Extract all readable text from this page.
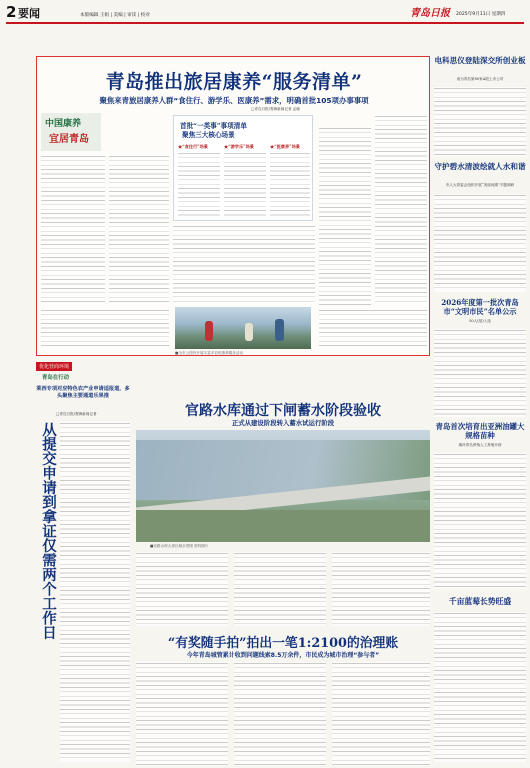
2 要闻	本版编辑 王娟 | 美编 | 审读 | 校对	青岛日报 2025年9月11日 星期四
青岛推出旅居康养“服务清单”
聚焦来青旅居康养人群“食住行、游学乐、医康养”需求，明确首批105项办事事项
中国康养
宜居青岛
首批“一类事”事项清单
聚焦三大核心场景
★“食住行”场景	★“游学乐”场景	★“医康养”场景
□青岛日报/观海新闻记者 孟晓
■全市公园内开展丰富多彩的康养服务活动
电科思仪登陆深交所创业板
成为青岛第80家A股上市公司
守护碧水清波绘就人水和谐
市人大常委会组织开展“美丽河湖”专题调研
2026年度第一批次青岛市“文明市民”名单公示
50人(组)入选
青岛首次培育出亚洲油罐大规格苗种
填补青岛养殖人工养殖开辟
千亩蓝莓长势旺盛
优化营商环境
青岛在行动
莱西专项对应特色农产业申请适报道，多头聚焦主要通道乐果推
□青岛日报/观海新闻记者
从提交申请到拿证仅需两个工作日
官路水库通过下闸蓄水阶段验收
正式从建设阶段转入蓄水试运行阶段
■官路水库大坝区域全景图 资料图片
“有奖随手拍”拍出一笔1:2100的治理账
今年青岛城管累计收到问题线索8.5万余件，市民成为城市治理“参与者”
